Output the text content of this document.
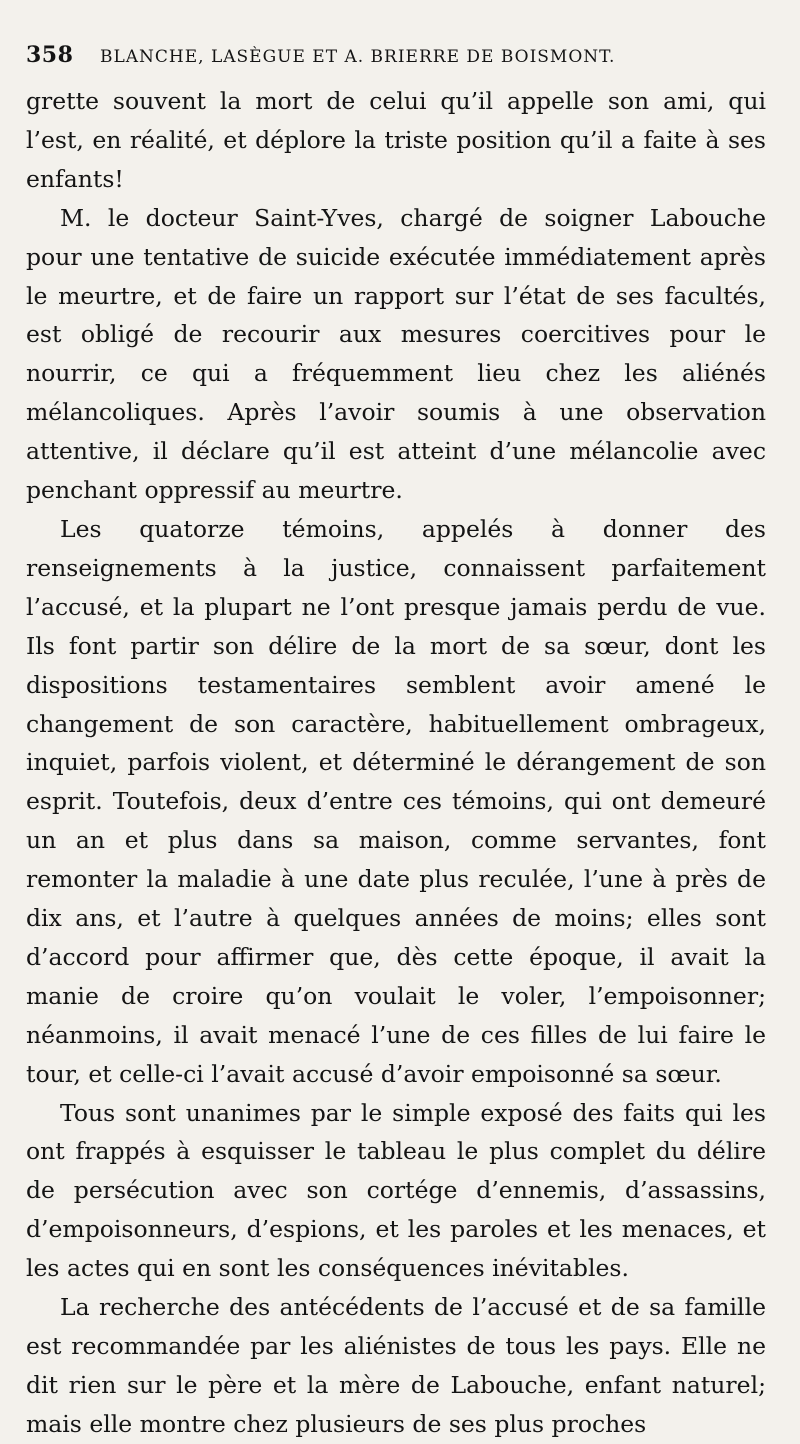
358 BLANCHE, LASÈGUE ET A. BRIERRE DE BOISMONT.

grette souvent la mort de celui qu’il appelle son ami, qui l’est, en réalité, et déplore la triste position qu’il a faite à ses enfants!

M. le docteur Saint-Yves, chargé de soigner Labouche pour une tentative de suicide exécutée immédiatement après le meurtre, et de faire un rapport sur l’état de ses facultés, est obligé de recourir aux mesures coercitives pour le nourrir, ce qui a fréquemment lieu chez les aliénés mélancoliques. Après l’avoir soumis à une observation attentive, il déclare qu’il est atteint d’une mélancolie avec penchant oppressif au meurtre.

Les quatorze témoins, appelés à donner des renseignements à la justice, connaissent parfaitement l’accusé, et la plupart ne l’ont presque jamais perdu de vue. Ils font partir son délire de la mort de sa sœur, dont les dispositions testamentaires semblent avoir amené le changement de son caractère, habituellement ombrageux, inquiet, parfois violent, et déterminé le dérangement de son esprit. Toutefois, deux d’entre ces témoins, qui ont demeuré un an et plus dans sa maison, comme servantes, font remonter la maladie à une date plus reculée, l’une à près de dix ans, et l’autre à quelques années de moins; elles sont d’accord pour affirmer que, dès cette époque, il avait la manie de croire qu’on voulait le voler, l’empoisonner; néanmoins, il avait menacé l’une de ces filles de lui faire le tour, et celle-ci l’avait accusé d’avoir empoisonné sa sœur.

Tous sont unanimes par le simple exposé des faits qui les ont frappés à esquisser le tableau le plus complet du délire de persécution avec son cortége d’ennemis, d’assassins, d’empoisonneurs, d’espions, et les paroles et les menaces, et les actes qui en sont les conséquences inévitables.

La recherche des antécédents de l’accusé et de sa famille est recommandée par les aliénistes de tous les pays. Elle ne dit rien sur le père et la mère de Labouche, enfant naturel; mais elle montre chez plusieurs de ses plus proches
